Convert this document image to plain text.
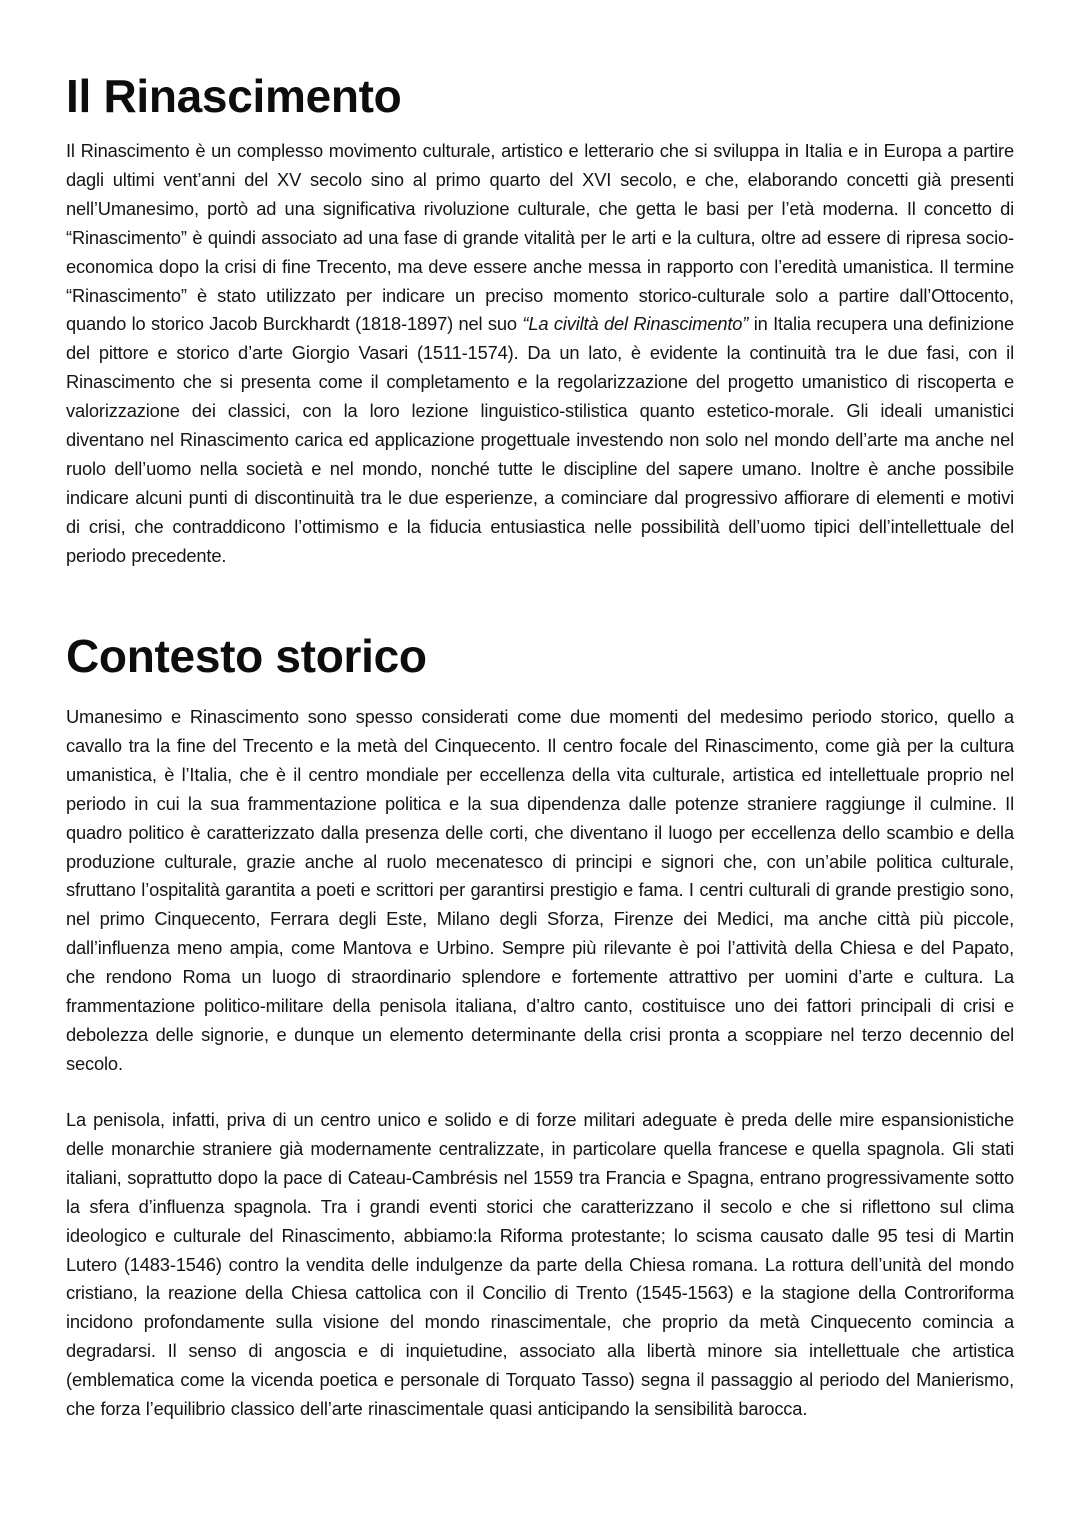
Il Rinascimento

Il Rinascimento è un complesso movimento culturale, artistico e letterario che si sviluppa in Italia e in Europa a partire dagli ultimi vent’anni del XV secolo sino al primo quarto del XVI secolo, e che, elaborando concetti già presenti nell’Umanesimo, portò ad una significativa rivoluzione culturale, che getta le basi per l’età moderna. Il concetto di “Rinascimento” è quindi associato ad una fase di grande vitalità per le arti e la cultura, oltre ad essere di ripresa socio-economica dopo la crisi di fine Trecento, ma deve essere anche messa in rapporto con l’eredità umanistica. Il termine “Rinascimento” è stato utilizzato per indicare un preciso momento storico-culturale solo a partire dall’Ottocento, quando lo storico Jacob Burckhardt (1818-1897) nel suo “La civiltà del Rinascimento” in Italia recupera una definizione del pittore e storico d’arte Giorgio Vasari (1511-1574). Da un lato, è evidente la continuità tra le due fasi, con il Rinascimento che si presenta come il completamento e la regolarizzazione del progetto umanistico di riscoperta e valorizzazione dei classici, con la loro lezione linguistico-stilistica quanto estetico-morale. Gli ideali umanistici diventano nel Rinascimento carica ed applicazione progettuale investendo non solo nel mondo dell’arte ma anche nel ruolo dell’uomo nella società e nel mondo, nonché tutte le discipline del sapere umano. Inoltre è anche possibile indicare alcuni punti di discontinuità tra le due esperienze, a cominciare dal progressivo affiorare di elementi e motivi di crisi, che contraddicono l’ottimismo e la fiducia entusiastica nelle possibilità dell’uomo tipici dell’intellettuale del periodo precedente.

Contesto storico

Umanesimo e Rinascimento sono spesso considerati come due momenti del medesimo periodo storico, quello a cavallo tra la fine del Trecento e la metà del Cinquecento. Il centro focale del Rinascimento, come già per la cultura umanistica, è l’Italia, che è il centro mondiale per eccellenza della vita culturale, artistica ed intellettuale proprio nel periodo in cui la sua frammentazione politica e la sua dipendenza dalle potenze straniere raggiunge il culmine. Il quadro politico è caratterizzato dalla presenza delle corti, che diventano il luogo per eccellenza dello scambio e della produzione culturale, grazie anche al ruolo mecenatesco di principi e signori che, con un’abile politica culturale, sfruttano l’ospitalità garantita a poeti e scrittori per garantirsi prestigio e fama. I centri culturali di grande prestigio sono, nel primo Cinquecento, Ferrara degli Este, Milano degli Sforza, Firenze dei Medici, ma anche città più piccole, dall’influenza meno ampia, come Mantova e Urbino. Sempre più rilevante è poi l’attività della Chiesa e del Papato, che rendono Roma un luogo di straordinario splendore e fortemente attrattivo per uomini d’arte e cultura. La frammentazione politico-militare della penisola italiana, d’altro canto, costituisce uno dei fattori principali di crisi e debolezza delle signorie, e dunque un elemento determinante della crisi pronta a scoppiare nel terzo decennio del secolo.

La penisola, infatti, priva di un centro unico e solido e di forze militari adeguate è preda delle mire espansionistiche delle monarchie straniere già modernamente centralizzate, in particolare quella francese e quella spagnola. Gli stati italiani, soprattutto dopo la pace di Cateau-Cambrésis nel 1559 tra Francia e Spagna, entrano progressivamente sotto la sfera d’influenza spagnola. Tra i grandi eventi storici che caratterizzano il secolo e che si riflettono sul clima ideologico e culturale del Rinascimento, abbiamo:la Riforma protestante; lo scisma causato dalle 95 tesi di Martin Lutero (1483-1546) contro la vendita delle indulgenze da parte della Chiesa romana. La rottura dell’unità del mondo cristiano, la reazione della Chiesa cattolica con il Concilio di Trento (1545-1563) e la stagione della Controriforma incidono profondamente sulla visione del mondo rinascimentale, che proprio da metà Cinquecento comincia a degradarsi. Il senso di angoscia e di inquietudine, associato alla libertà minore sia intellettuale che artistica (emblematica come la vicenda poetica e personale di Torquato Tasso) segna il passaggio al periodo del Manierismo, che forza l’equilibrio classico dell’arte rinascimentale quasi anticipando la sensibilità barocca.
